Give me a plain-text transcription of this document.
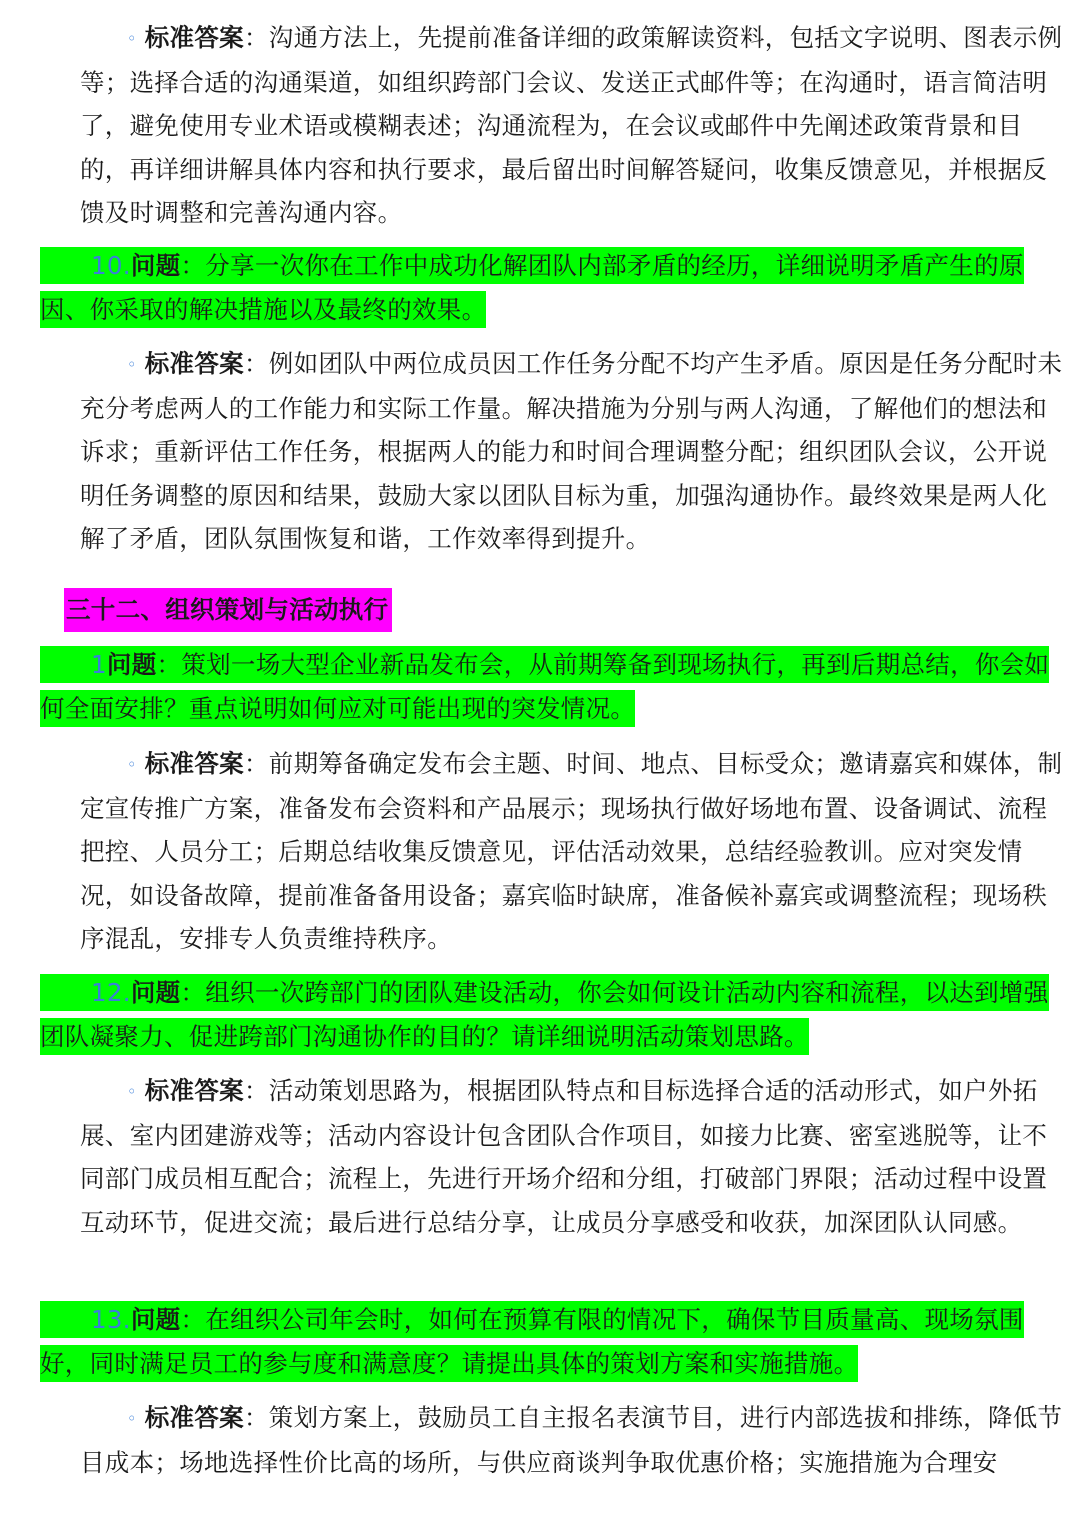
◦ 标准答案：沟通方法上，先提前准备详细的政策解读资料，包括文字说明、图表示例等；选择合适的沟通渠道，如组织跨部门会议、发送正式邮件等；在沟通时，语言简洁明了，避免使用专业术语或模糊表述；沟通流程为，在会议或邮件中先阐述政策背景和目的，再详细讲解具体内容和执行要求，最后留出时间解答疑问，收集反馈意见，并根据反馈及时调整和完善沟通内容。
10.问题：分享一次你在工作中成功化解团队内部矛盾的经历，详细说明矛盾产生的原因、你采取的解决措施以及最终的效果。
◦ 标准答案：例如团队中两位成员因工作任务分配不均产生矛盾。原因是任务分配时未充分考虑两人的工作能力和实际工作量。解决措施为分别与两人沟通，了解他们的想法和诉求；重新评估工作任务，根据两人的能力和时间合理调整分配；组织团队会议，公开说明任务调整的原因和结果，鼓励大家以团队目标为重，加强沟通协作。最终效果是两人化解了矛盾，团队氛围恢复和谐，工作效率得到提升。
三十二、组织策划与活动执行
1问题：策划一场大型企业新品发布会，从前期筹备到现场执行，再到后期总结，你会如何全面安排？重点说明如何应对可能出现的突发情况。
◦ 标准答案：前期筹备确定发布会主题、时间、地点、目标受众；邀请嘉宾和媒体，制定宣传推广方案，准备发布会资料和产品展示；现场执行做好场地布置、设备调试、流程把控、人员分工；后期总结收集反馈意见，评估活动效果，总结经验教训。应对突发情况，如设备故障，提前准备备用设备；嘉宾临时缺席，准备候补嘉宾或调整流程；现场秩序混乱，安排专人负责维持秩序。
12.问题：组织一次跨部门的团队建设活动，你会如何设计活动内容和流程，以达到增强团队凝聚力、促进跨部门沟通协作的目的？请详细说明活动策划思路。
◦ 标准答案：活动策划思路为，根据团队特点和目标选择合适的活动形式，如户外拓展、室内团建游戏等；活动内容设计包含团队合作项目，如接力比赛、密室逃脱等，让不同部门成员相互配合；流程上，先进行开场介绍和分组，打破部门界限；活动过程中设置互动环节，促进交流；最后进行总结分享，让成员分享感受和收获，加深团队认同感。
13.问题：在组织公司年会时，如何在预算有限的情况下，确保节目质量高、现场氛围好，同时满足员工的参与度和满意度？请提出具体的策划方案和实施措施。
◦ 标准答案：策划方案上，鼓励员工自主报名表演节目，进行内部选拔和排练，降低节目成本；场地选择性价比高的场所，与供应商谈判争取优惠价格；实施措施为合理安
